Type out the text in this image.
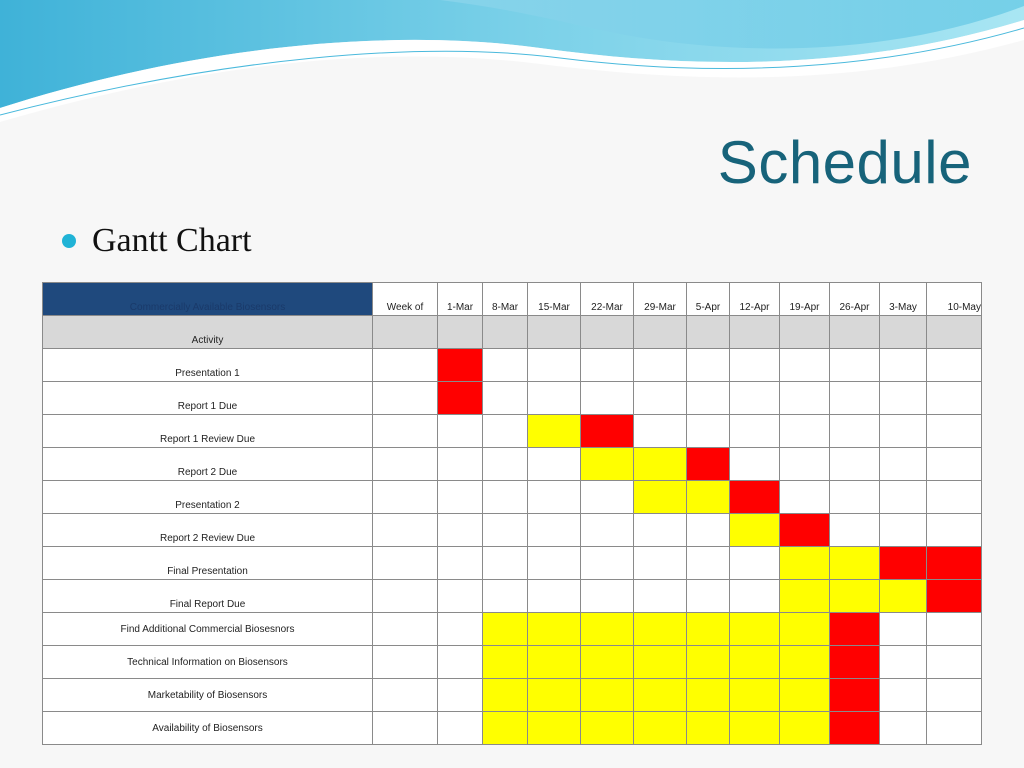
Schedule
Gantt Chart
Commercially Available Biosensors	Week of	1-Mar	8-Mar	15-Mar	22-Mar	29-Mar	5-Apr	12-Apr	19-Apr	26-Apr	3-May	10-May
Activity												
Presentation 1												
Report 1 Due												
Report 1 Review Due												
Report 2 Due												
Presentation 2												
Report 2 Review Due												
Final Presentation												
Final Report Due												
Find Additional Commercial Biosesnors												
Technical Information on Biosensors												
Marketability of Biosensors												
Availability of Biosensors												
